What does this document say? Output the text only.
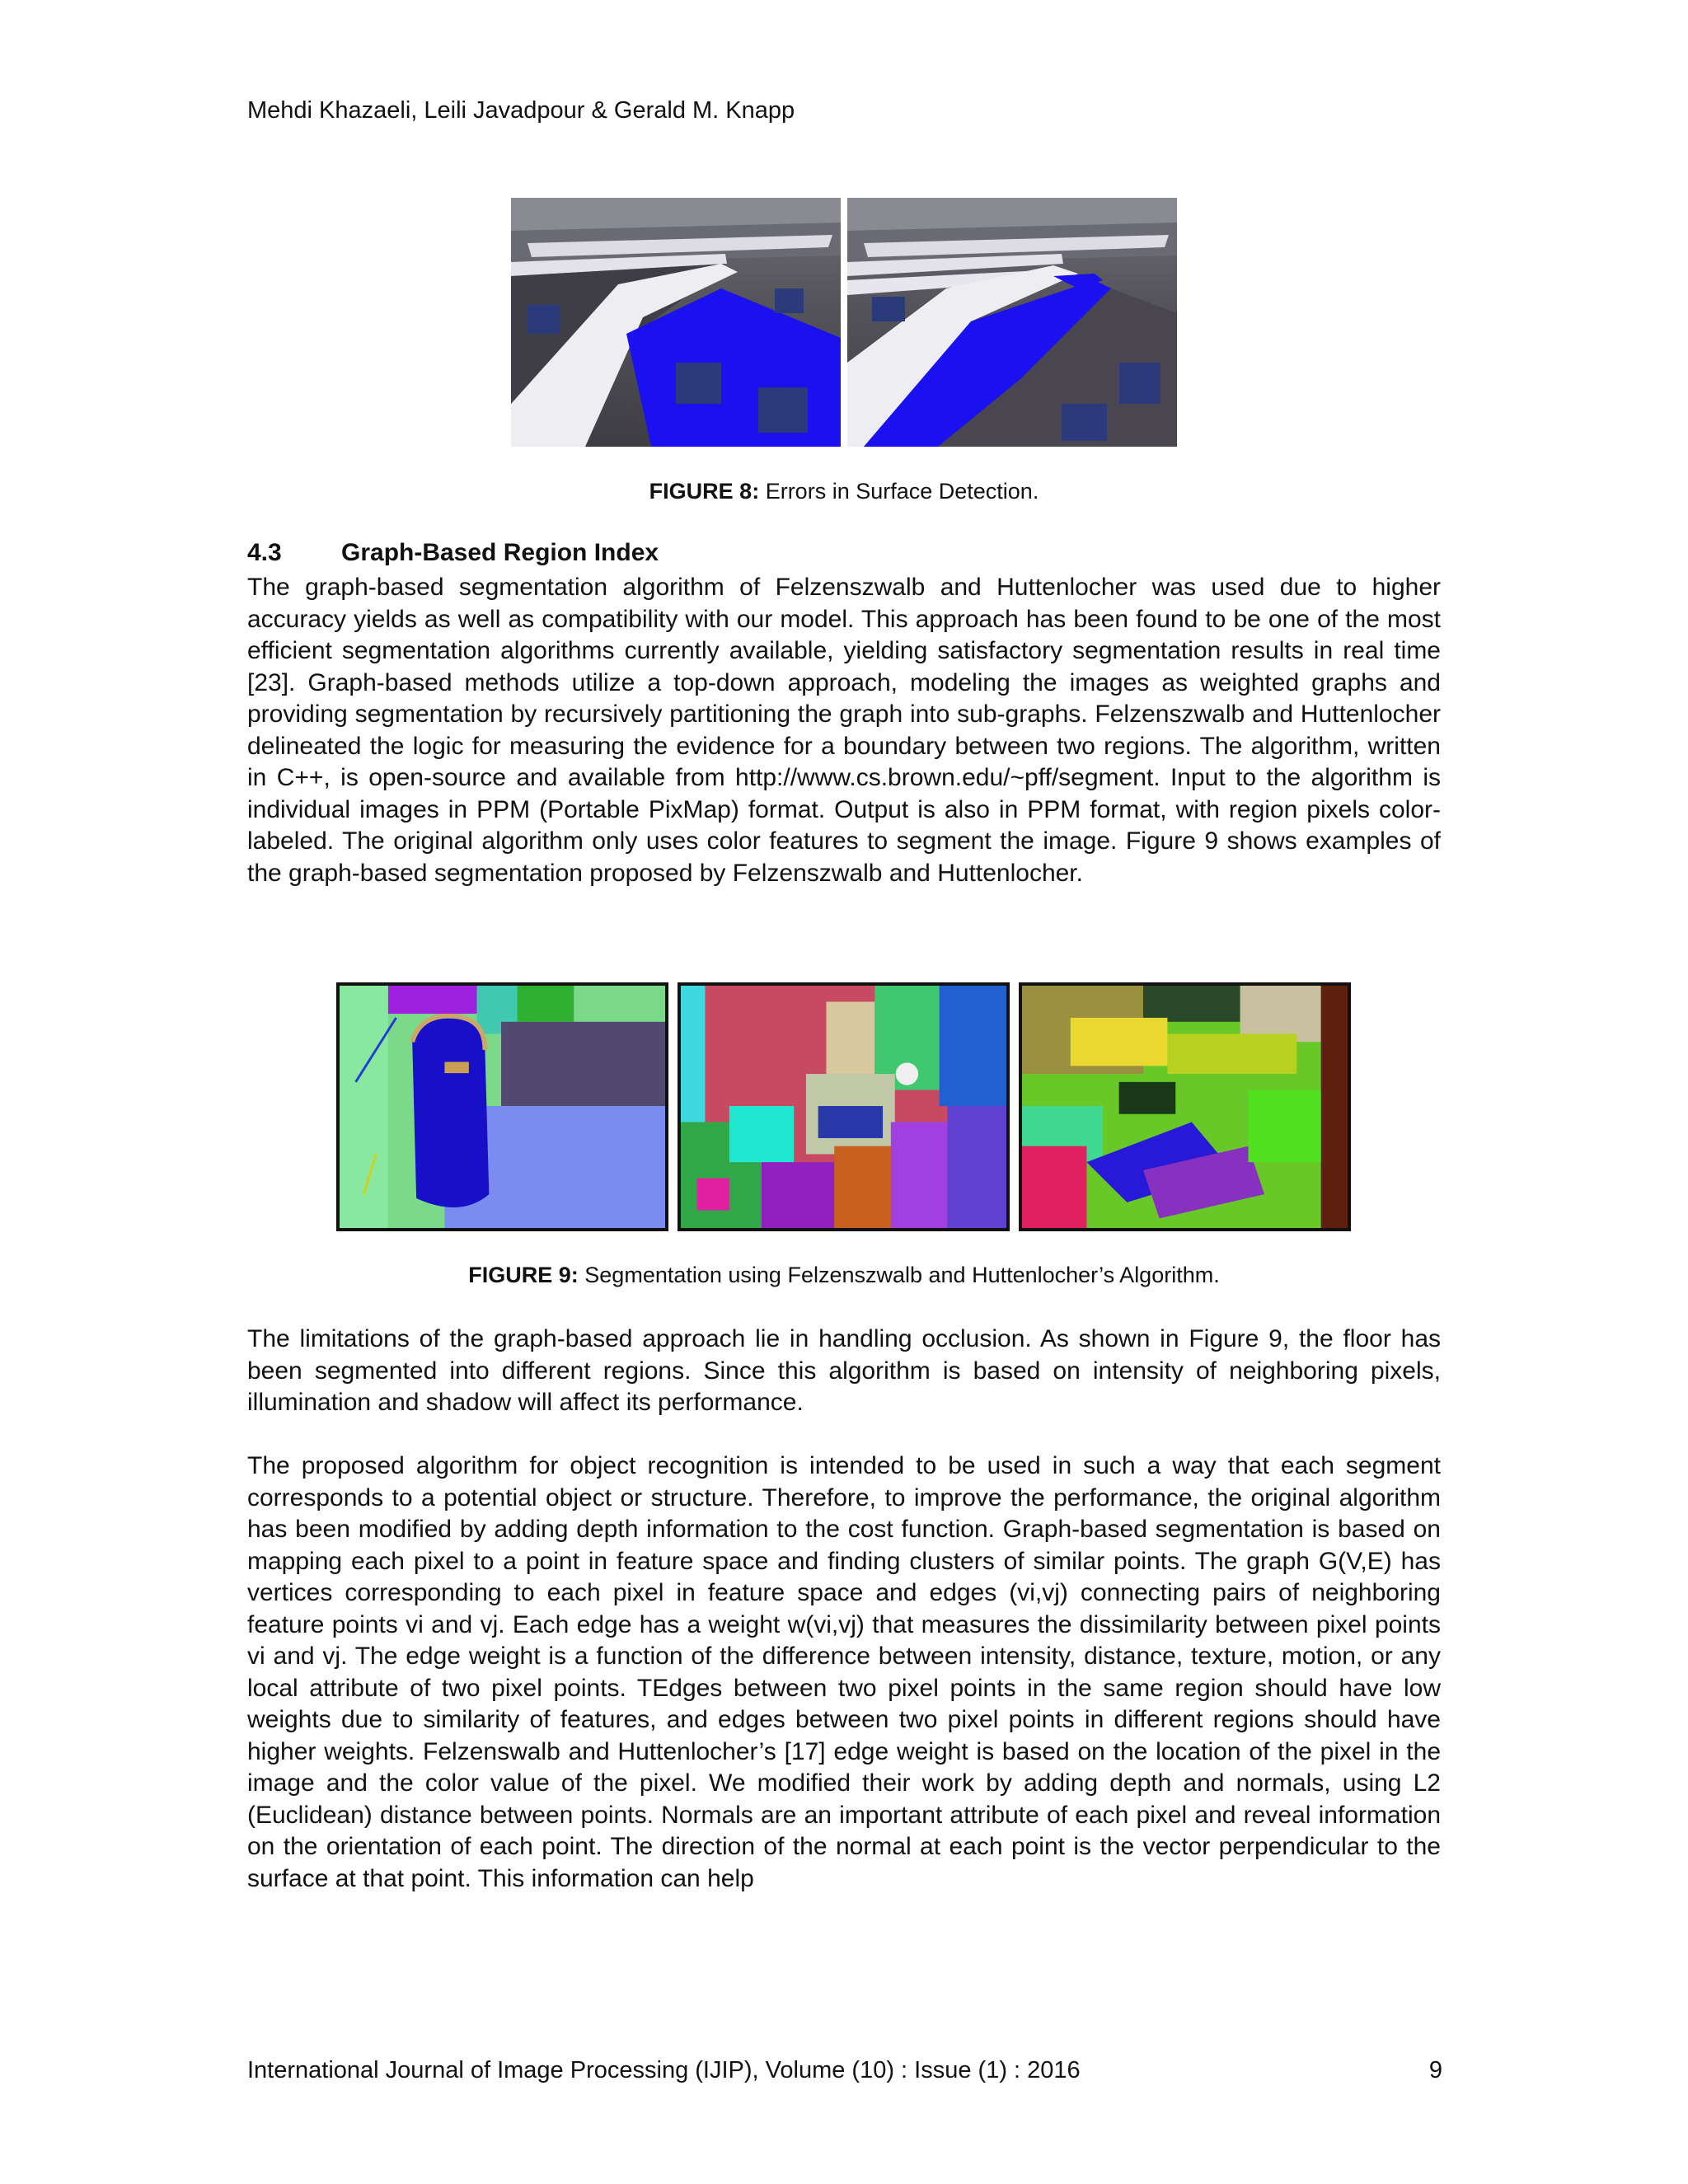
Mehdi Khazaeli, Leili Javadpour & Gerald M. Knapp
FIGURE 8: Errors in Surface Detection.
4.3 Graph-Based Region Index

The graph-based segmentation algorithm of Felzenszwalb and Huttenlocher was used due to higher accuracy yields as well as compatibility with our model. This approach has been found to be one of the most efficient segmentation algorithms currently available, yielding satisfactory segmentation results in real time [23]. Graph-based methods utilize a top-down approach, modeling the images as weighted graphs and providing segmentation by recursively partitioning the graph into sub-graphs. Felzenszwalb and Huttenlocher delineated the logic for measuring the evidence for a boundary between two regions. The algorithm, written in C++, is open-source and available from http://www.cs.brown.edu/~pff/segment. Input to the algorithm is individual images in PPM (Portable PixMap) format. Output is also in PPM format, with region pixels color-labeled. The original algorithm only uses color features to segment the image. Figure 9 shows examples of the graph-based segmentation proposed by Felzenszwalb and Huttenlocher.

FIGURE 9: Segmentation using Felzenszwalb and Huttenlocher’s Algorithm.

The limitations of the graph-based approach lie in handling occlusion. As shown in Figure 9, the floor has been segmented into different regions. Since this algorithm is based on intensity of neighboring pixels, illumination and shadow will affect its performance.

The proposed algorithm for object recognition is intended to be used in such a way that each segment corresponds to a potential object or structure. Therefore, to improve the performance, the original algorithm has been modified by adding depth information to the cost function. Graph-based segmentation is based on mapping each pixel to a point in feature space and finding clusters of similar points. The graph G(V,E) has vertices corresponding to each pixel in feature space and edges (vi,vj) connecting pairs of neighboring feature points vi and vj. Each edge has a weight w(vi,vj) that measures the dissimilarity between pixel points vi and vj. The edge weight is a function of the difference between intensity, distance, texture, motion, or any local attribute of two pixel points. TEdges between two pixel points in the same region should have low weights due to similarity of features, and edges between two pixel points in different regions should have higher weights. Felzenswalb and Huttenlocher’s [17] edge weight is based on the location of the pixel in the image and the color value of the pixel. We modified their work by adding depth and normals, using L2 (Euclidean) distance between points. Normals are an important attribute of each pixel and reveal information on the orientation of each point. The direction of the normal at each point is the vector perpendicular to the surface at that point. This information can help

International Journal of Image Processing (IJIP), Volume (10) : Issue (1) : 2016	9
